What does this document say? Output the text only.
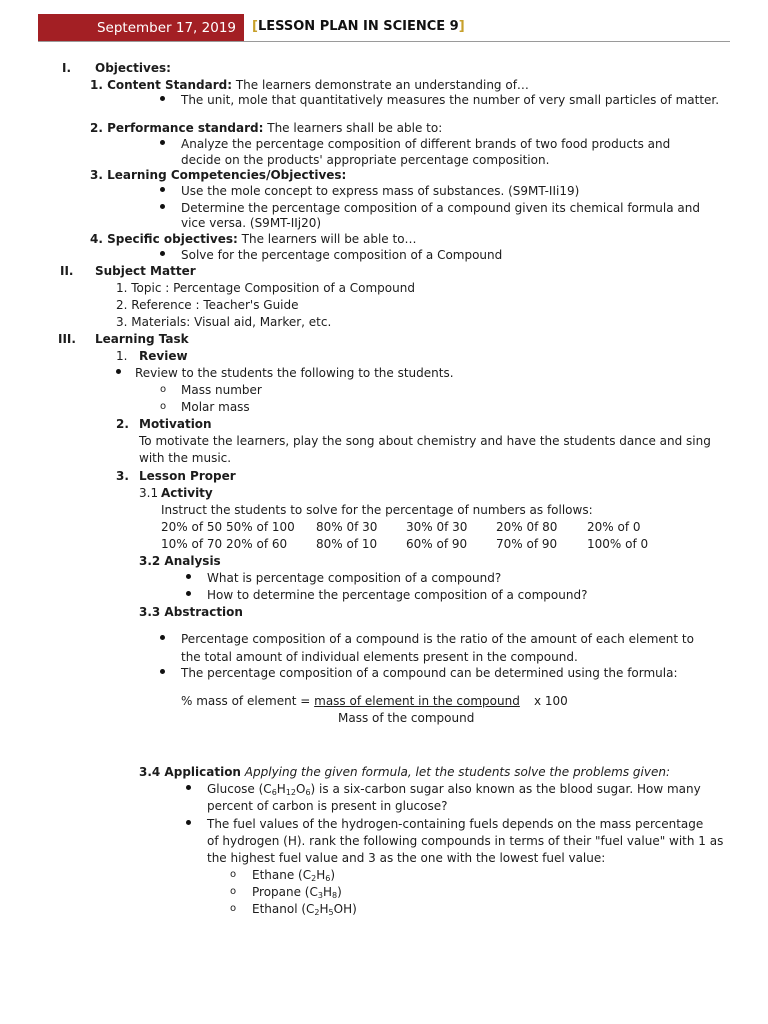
September 17, 2019	[LESSON PLAN IN SCIENCE 9]
I. Objectives:
1. Content Standard: The learners demonstrate an understanding of…
The unit, mole that quantitatively measures the number of very small particles of matter.
2. Performance standard: The learners shall be able to:
Analyze the percentage composition of different brands of two food products and
decide on the products' appropriate percentage composition.
3. Learning Competencies/Objectives:
Use the mole concept to express mass of substances. (S9MT-IIi19)
Determine the percentage composition of a compound given its chemical formula and
vice versa. (S9MT-IIj20)
4. Specific objectives: The learners will be able to…
Solve for the percentage composition of a Compound
II. Subject Matter
1. Topic : Percentage Composition of a Compound
2. Reference : Teacher's Guide
3. Materials: Visual aid, Marker, etc.
III. Learning Task
1. Review
Review to the students the following to the students.
o Mass number
o Molar mass
2. Motivation
To motivate the learners, play the song about chemistry and have the students dance and sing
with the music.
3. Lesson Proper
3.1 Activity
Instruct the students to solve for the percentage of numbers as follows:
20% of 50 50% of 100 80% 0f 30 30% 0f 30 20% 0f 80 20% of 0
10% of 70 20% of 60 80% of 10 60% of 90 70% of 90 100% of 0
3.2 Analysis
What is percentage composition of a compound?
How to determine the percentage composition of a compound?
3.3 Abstraction
Percentage composition of a compound is the ratio of the amount of each element to
the total amount of individual elements present in the compound.
The percentage composition of a compound can be determined using the formula:
% mass of element = mass of element in the compound x 100
Mass of the compound
3.4 Application Applying the given formula, let the students solve the problems given:
Glucose $(C_6H_{12}O_6)$ is a six-carbon sugar also known as the blood sugar. How many
percent of carbon is present in glucose?
The fuel values of the hydrogen-containing fuels depends on the mass percentage
of hydrogen (H). rank the following compounds in terms of their "fuel value" with 1 as
the highest fuel value and 3 as the one with the lowest fuel value:
o Ethane $(C_2H_6)$
o Propane $(C_3H_8)$
o Ethanol $(C_2H_5OH)$
